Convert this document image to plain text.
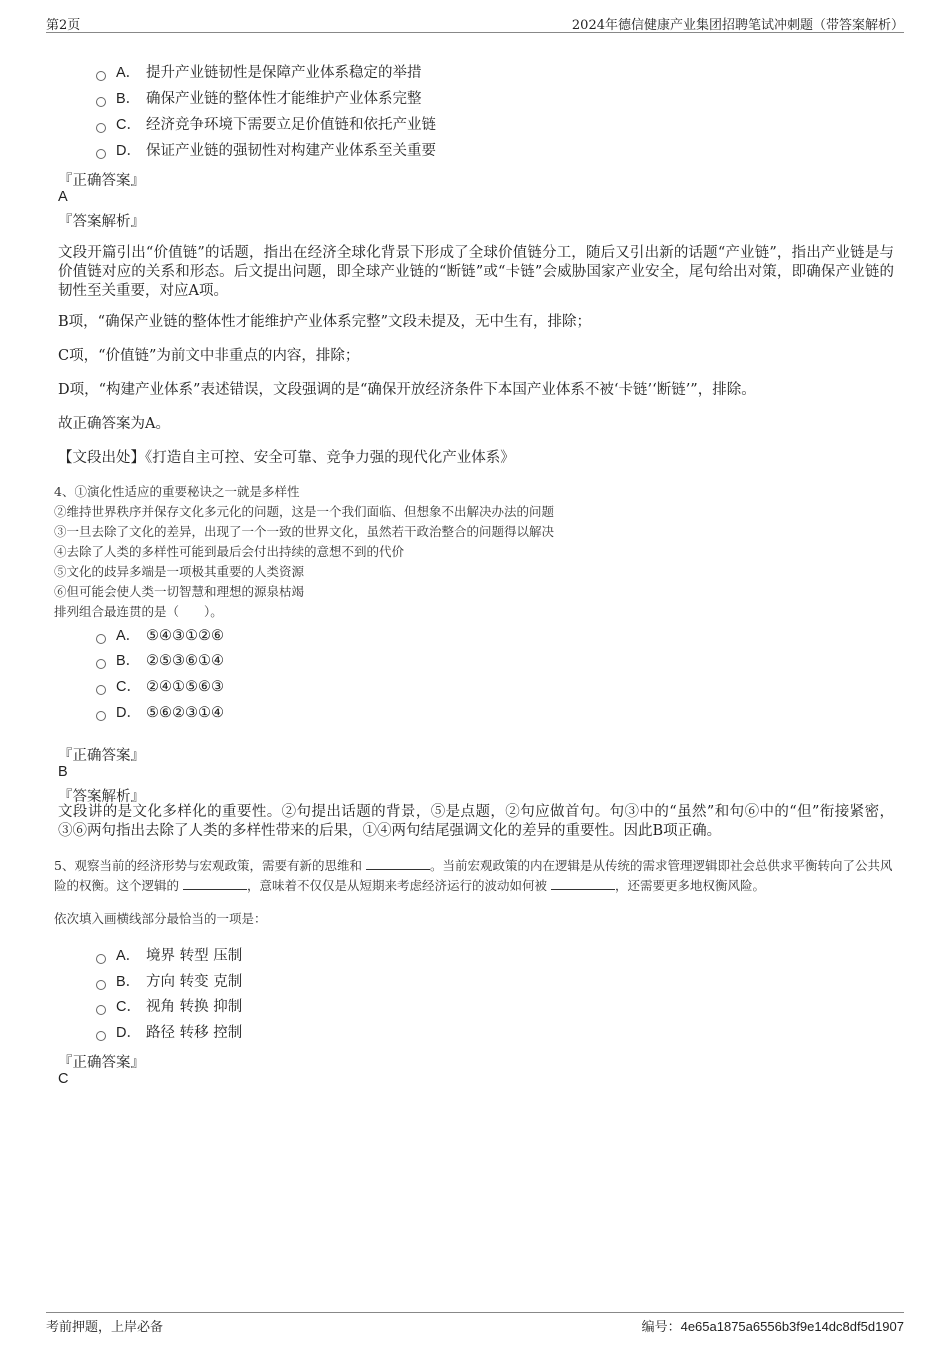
第2页	2024年德信健康产业集团招聘笔试冲刺题（带答案解析）
A． 提升产业链韧性是保障产业体系稳定的举措
B． 确保产业链的整体性才能维护产业体系完整
C． 经济竞争环境下需要立足价值链和依托产业链
D． 保证产业链的强韧性对构建产业体系至关重要
『正确答案』
A
『答案解析』
文段开篇引出“价值链”的话题，指出在经济全球化背景下形成了全球价值链分工，随后又引出新的话题“产业链”，指出产业链是与价值链对应的关系和形态。后文提出问题，即全球产业链的“断链”或“卡链”会威胁国家产业安全，尾句给出对策，即确保产业链的韧性至关重要，对应A项。
B项，“确保产业链的整体性才能维护产业体系完整”文段未提及，无中生有，排除；
C项，“价值链”为前文中非重点的内容，排除；
D项，“构建产业体系”表述错误，文段强调的是“确保开放经济条件下本国产业体系不被‘卡链’‘断链’”，排除。
故正确答案为A。
【文段出处】《打造自主可控、安全可靠、竞争力强的现代化产业体系》
4、①演化性适应的重要秘诀之一就是多样性
②维持世界秩序并保存文化多元化的问题，这是一个我们面临、但想象不出解决办法的问题
③一旦去除了文化的差异，出现了一个一致的世界文化，虽然若干政治整合的问题得以解决
④去除了人类的多样性可能到最后会付出持续的意想不到的代价
⑤文化的歧异多端是一项极其重要的人类资源
⑥但可能会使人类一切智慧和理想的源泉枯竭
排列组合最连贯的是（　　）。
A． ⑤④③①②⑥
B． ②⑤③⑥①④
C． ②④①⑤⑥③
D． ⑤⑥②③①④
『正确答案』
B
『答案解析』
文段讲的是文化多样化的重要性。②句提出话题的背景，⑤是点题，②句应做首句。句③中的“虽然”和句⑥中的“但”衔接紧密，③⑥两句指出去除了人类的多样性带来的后果，①④两句结尾强调文化的差异的重要性。因此B项正确。
5、观察当前的经济形势与宏观政策，需要有新的思维和	。当前宏观政策的内在逻辑是从传统的需求管理逻辑即社会总供求平衡转向了公共风险的权衡。这个逻辑的	，意味着不仅仅是从短期来考虑经济运行的波动如何被	，还需要更多地权衡风险。
依次填入画横线部分最恰当的一项是：
A． 境界 转型 压制
B． 方向 转变 克制
C． 视角 转换 抑制
D． 路径 转移 控制
『正确答案』
C
考前押题，上岸必备	编号：4e65a1875a6556b3f9e14dc8df5d1907
